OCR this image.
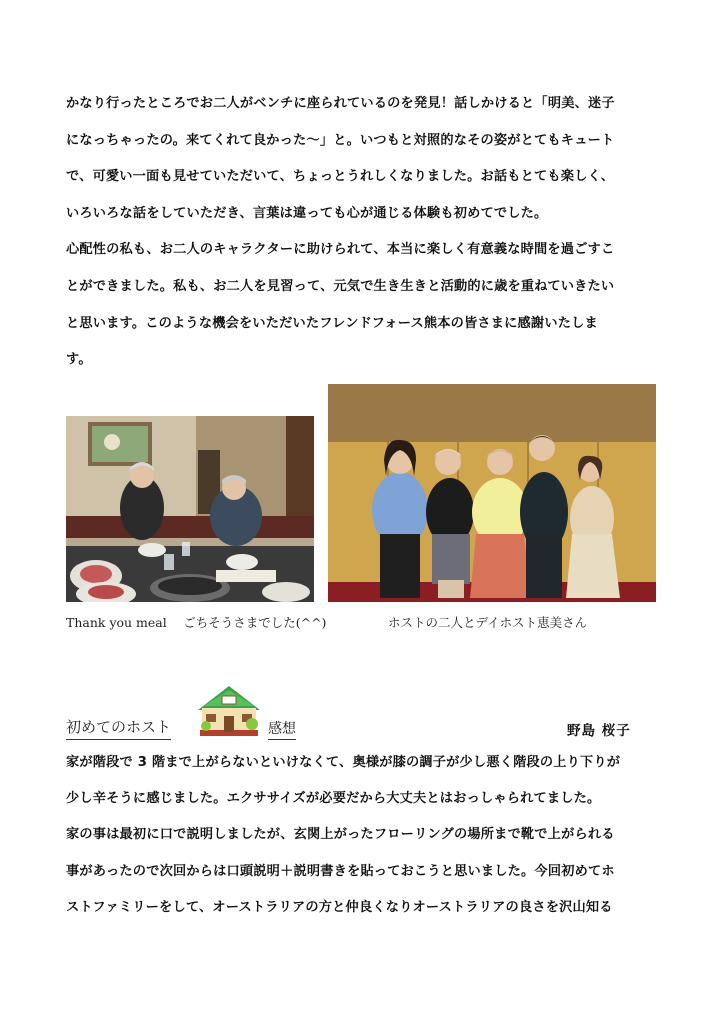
かなり行ったところでお二人がベンチに座られているのを発見！話しかけると「明美、迷子
になっちゃったの。来てくれて良かった〜」と。いつもと対照的なその姿がとてもキュート
で、可愛い一面も見せていただいて、ちょっとうれしくなりました。お話もとても楽しく、
いろいろな話をしていただき、言葉は違っても心が通じる体験も初めてでした。
心配性の私も、お二人のキャラクターに助けられて、本当に楽しく有意義な時間を過ごすこ
とができました。私も、お二人を見習って、元気で生き生きと活動的に歳を重ねていきたい
と思います。このような機会をいただいたフレンドフォース熊本の皆さまに感謝いたしま
す。

Thank you meal　 ごちそうさまでした(^^)	ホストの二人とデイホスト恵美さん
初めてのホスト	感想	野島 桜子

家が階段で 3 階まで上がらないといけなくて、奥様が膝の調子が少し悪く階段の上り下りが
少し辛そうに感じました。エクササイズが必要だから大丈夫とはおっしゃられてました。
家の事は最初に口で説明しましたが、玄関上がったフローリングの場所まで靴で上がられる
事があったので次回からは口頭説明＋説明書きを貼っておこうと思いました。今回初めてホ
ストファミリーをして、オーストラリアの方と仲良くなりオーストラリアの良さを沢山知る
